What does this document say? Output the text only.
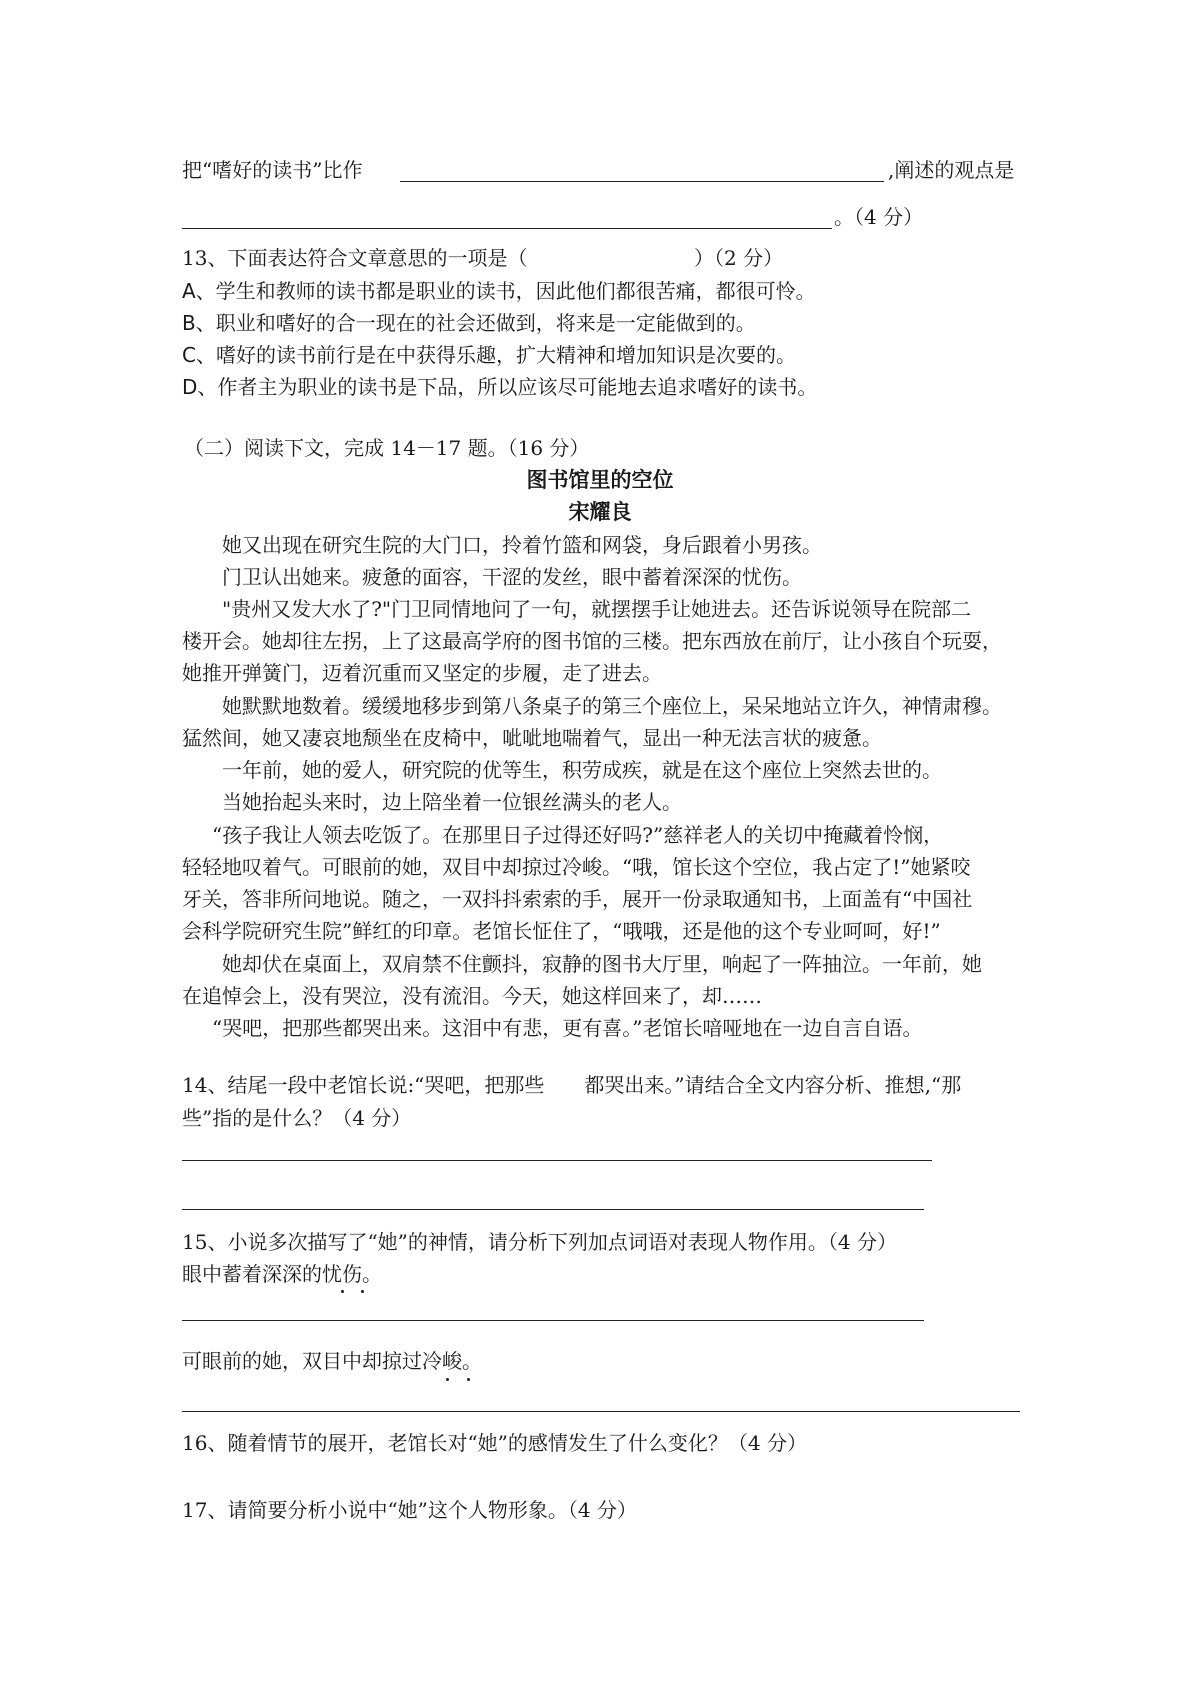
把“嗜好的读书”比作	,阐述的观点是
。（4 分）
13、下面表达符合文章意思的一项是（	）（2 分）
A、学生和教师的读书都是职业的读书，因此他们都很苦痛，都很可怜。
B、职业和嗜好的合一现在的社会还做到，将来是一定能做到的。
C、嗜好的读书前行是在中获得乐趣，扩大精神和增加知识是次要的。
D、作者主为职业的读书是下品，所以应该尽可能地去追求嗜好的读书。
（二）阅读下文，完成 14－17 题。（16 分）
图书馆里的空位
宋耀良
她又出现在研究生院的大门口，拎着竹篮和网袋，身后跟着小男孩。
门卫认出她来。疲惫的面容，干涩的发丝，眼中蓄着深深的忧伤。
"贵州又发大水了?"门卫同情地问了一句，就摆摆手让她进去。还告诉说领导在院部二
楼开会。她却往左拐，上了这最高学府的图书馆的三楼。把东西放在前厅，让小孩自个玩耍，
她推开弹簧门，迈着沉重而又坚定的步履，走了进去。
她默默地数着。缓缓地移步到第八条桌子的第三个座位上，呆呆地站立许久，神情肃穆。
猛然间，她又凄哀地颓坐在皮椅中，呲呲地喘着气，显出一种无法言状的疲惫。
一年前，她的爱人，研究院的优等生，积劳成疾，就是在这个座位上突然去世的。
当她抬起头来时，边上陪坐着一位银丝满头的老人。
“孩子我让人领去吃饭了。在那里日子过得还好吗?”慈祥老人的关切中掩藏着怜悯，
轻轻地叹着气。可眼前的她，双目中却掠过冷峻。“哦，馆长这个空位，我占定了!”她紧咬
牙关，答非所问地说。随之，一双抖抖索索的手，展开一份录取通知书，上面盖有“中国社
会科学院研究生院”鲜红的印章。老馆长怔住了，“哦哦，还是他的这个专业呵呵，好!”
她却伏在桌面上，双肩禁不住颤抖，寂静的图书大厅里，响起了一阵抽泣。一年前，她
在追悼会上，没有哭泣，没有流泪。今天，她这样回来了，却……
“哭吧，把那些都哭出来。这泪中有悲，更有喜。”老馆长喑哑地在一边自言自语。
14、结尾一段中老馆长说:“哭吧，把那些　　都哭出来。”请结合全文内容分析、推想,“那
些”指的是什么？（4 分）
15、小说多次描写了“她”的神情，请分析下列加点词语对表现人物作用。（4 分）
眼中蓄着深深的忧伤。
可眼前的她，双目中却掠过冷峻。
16、随着情节的展开，老馆长对“她”的感情发生了什么变化？（4 分）
17、请简要分析小说中“她”这个人物形象。（4 分）
